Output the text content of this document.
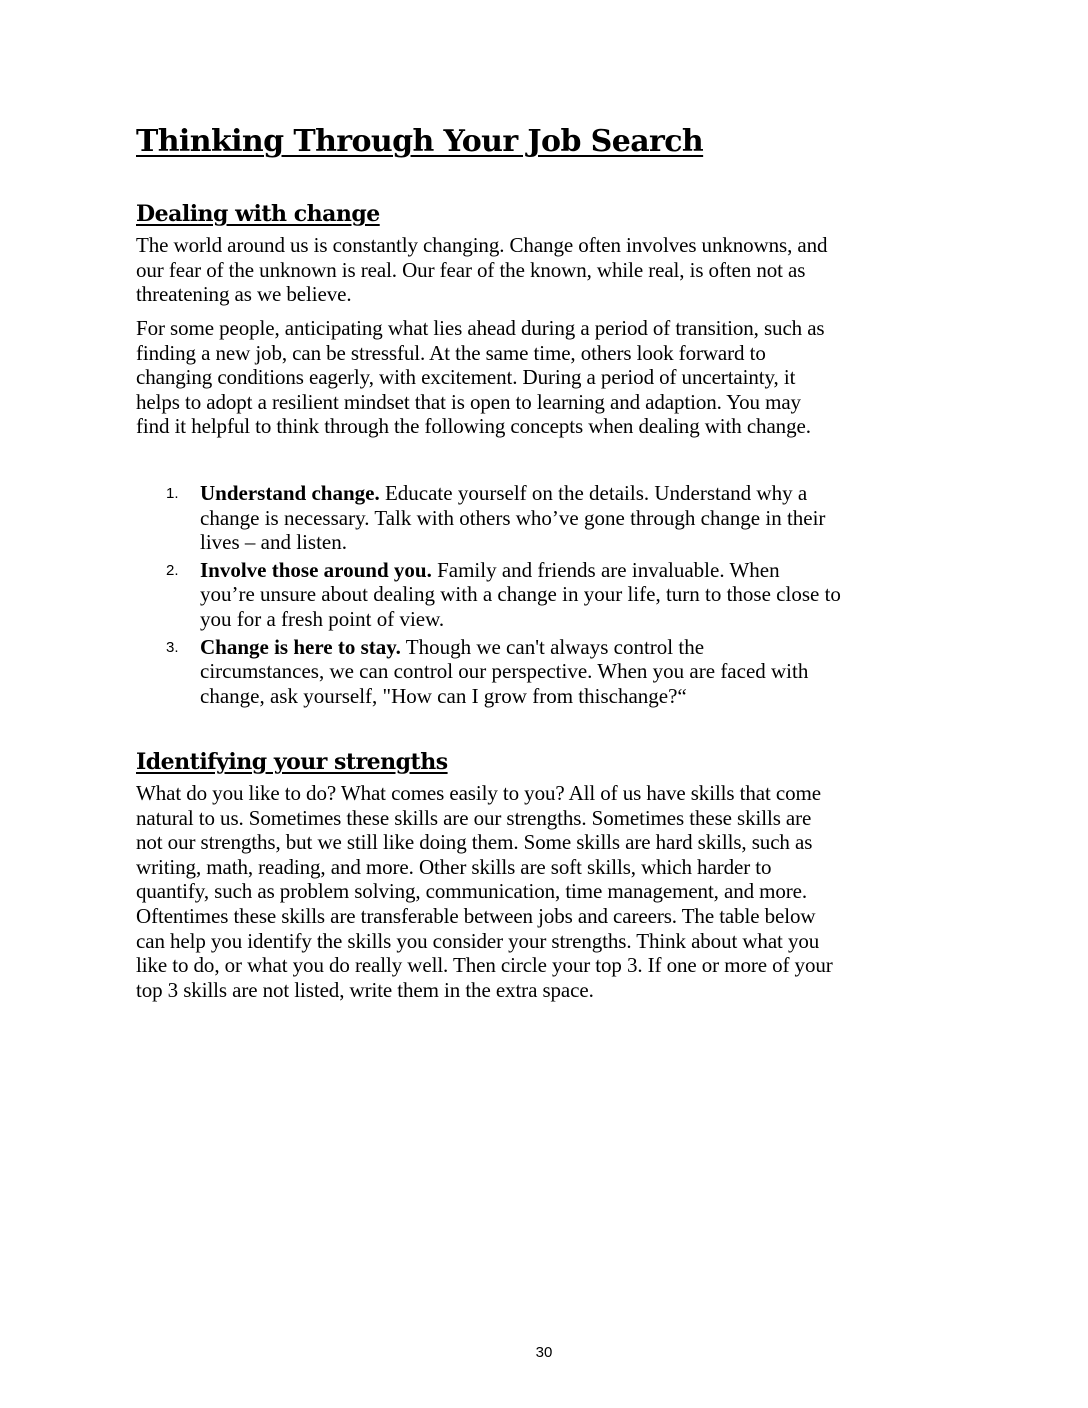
Thinking Through Your Job Search
Dealing with change

The world around us is constantly changing. Change often involves unknowns, and
our fear of the unknown is real. Our fear of the known, while real, is often not as
threatening as we believe.

For some people, anticipating what lies ahead during a period of transition, such as
finding a new job, can be stressful. At the same time, others look forward to
changing conditions eagerly, with excitement. During a period of uncertainty, it
helps to adopt a resilient mindset that is open to learning and adaption. You may
find it helpful to think through the following concepts when dealing with change.

1. Understand change. Educate yourself on the details. Understand why a
change is necessary. Talk with others who’ve gone through change in their
lives – and listen.
2. Involve those around you. Family and friends are invaluable. When
you’re unsure about dealing with a change in your life, turn to those close to
you for a fresh point of view.
3. Change is here to stay. Though we can't always control the
circumstances, we can control our perspective. When you are faced with
change, ask yourself, "How can I grow from thischange?“
Identifying your strengths

What do you like to do? What comes easily to you? All of us have skills that come
natural to us. Sometimes these skills are our strengths. Sometimes these skills are
not our strengths, but we still like doing them. Some skills are hard skills, such as
writing, math, reading, and more. Other skills are soft skills, which harder to
quantify, such as problem solving, communication, time management, and more.
Oftentimes these skills are transferable between jobs and careers. The table below
can help you identify the skills you consider your strengths. Think about what you
like to do, or what you do really well. Then circle your top 3. If one or more of your
top 3 skills are not listed, write them in the extra space.

30
